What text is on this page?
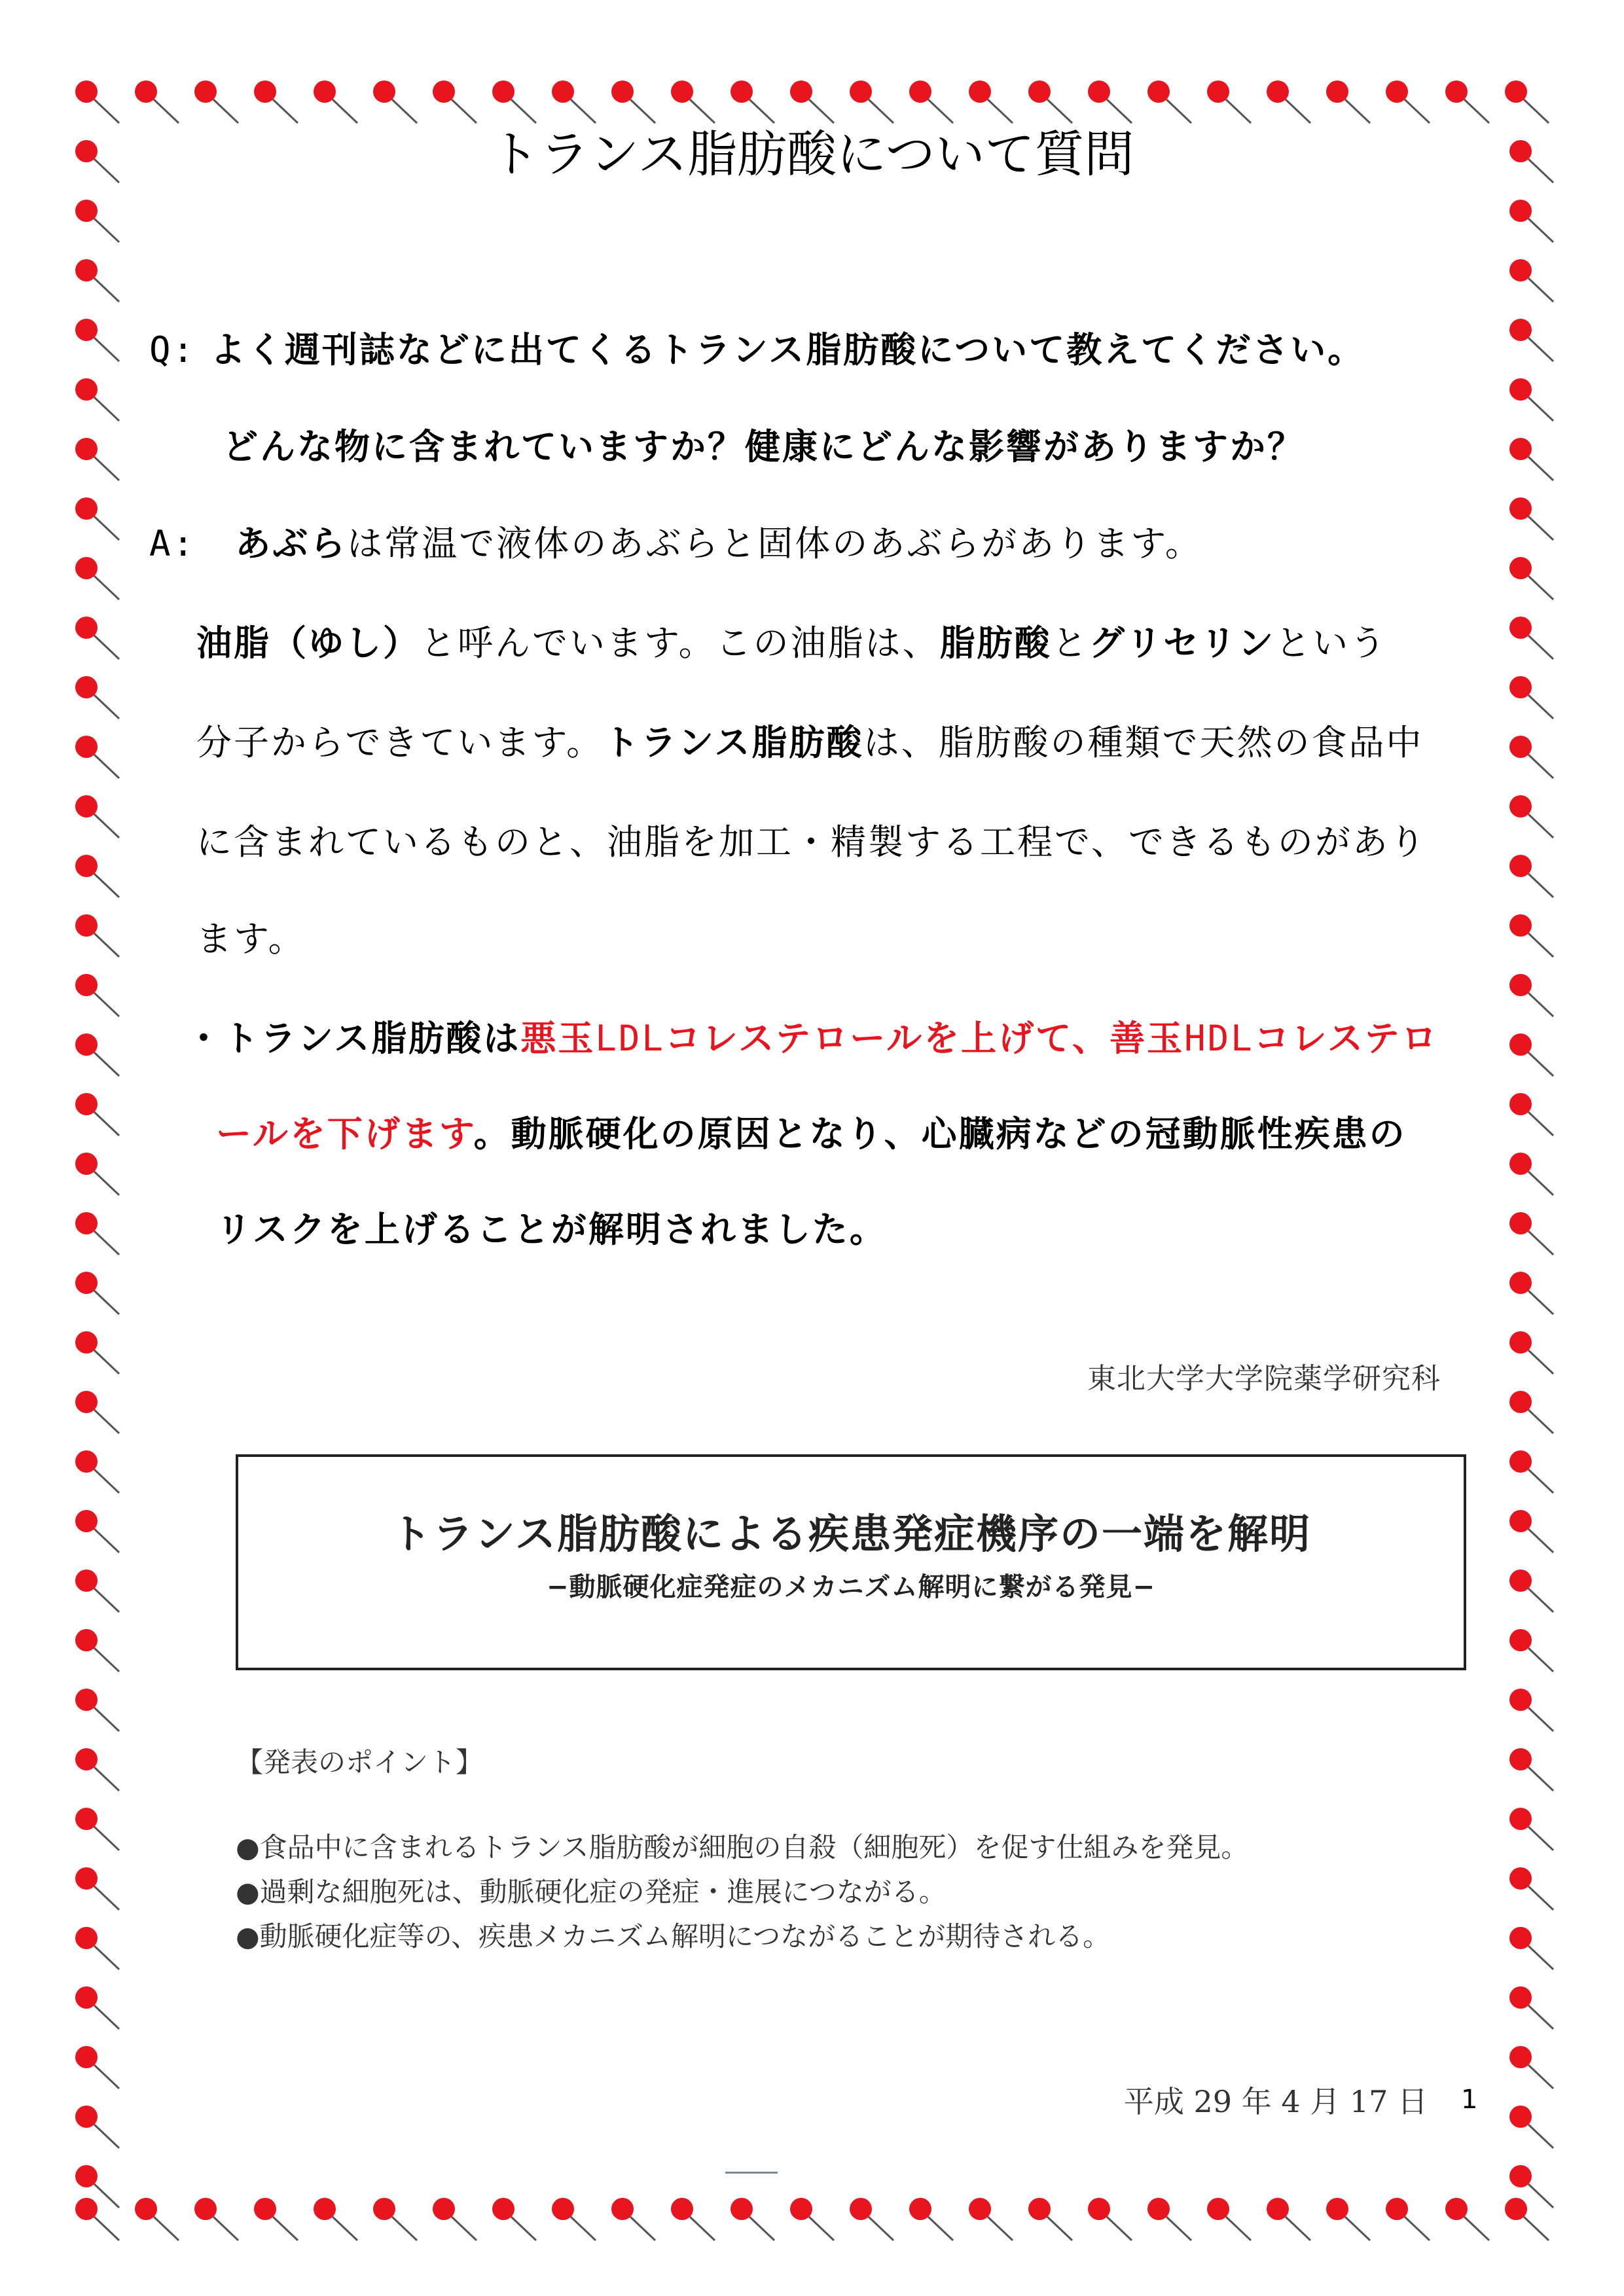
トランス脂肪酸について質問
Q: よく週刊誌などに出てくるトランス脂肪酸について教えてください。
どんな物に含まれていますか？健康にどんな影響がありますか？
A: あぶらは常温で液体のあぶらと固体のあぶらがあります。
油脂（ゆし）と呼んでいます。この油脂は、脂肪酸とグリセリンという
分子からできています。トランス脂肪酸は、脂肪酸の種類で天然の食品中
に含まれているものと、油脂を加工・精製する工程で、できるものがあり
ます。
・トランス脂肪酸は悪玉LDLコレステロールを上げて、善玉HDLコレステロ
ールを下げます。動脈硬化の原因となり、心臓病などの冠動脈性疾患の
リスクを上げることが解明されました。
東北大学大学院薬学研究科
トランス脂肪酸による疾患発症機序の一端を解明
−動脈硬化症発症のメカニズム解明に繋がる発見−
【発表のポイント】
●食品中に含まれるトランス脂肪酸が細胞の自殺（細胞死）を促す仕組みを発見。
●過剰な細胞死は、動脈硬化症の発症・進展につながる。
●動脈硬化症等の、疾患メカニズム解明につながることが期待される。
平成 29 年 4 月 17 日 1
